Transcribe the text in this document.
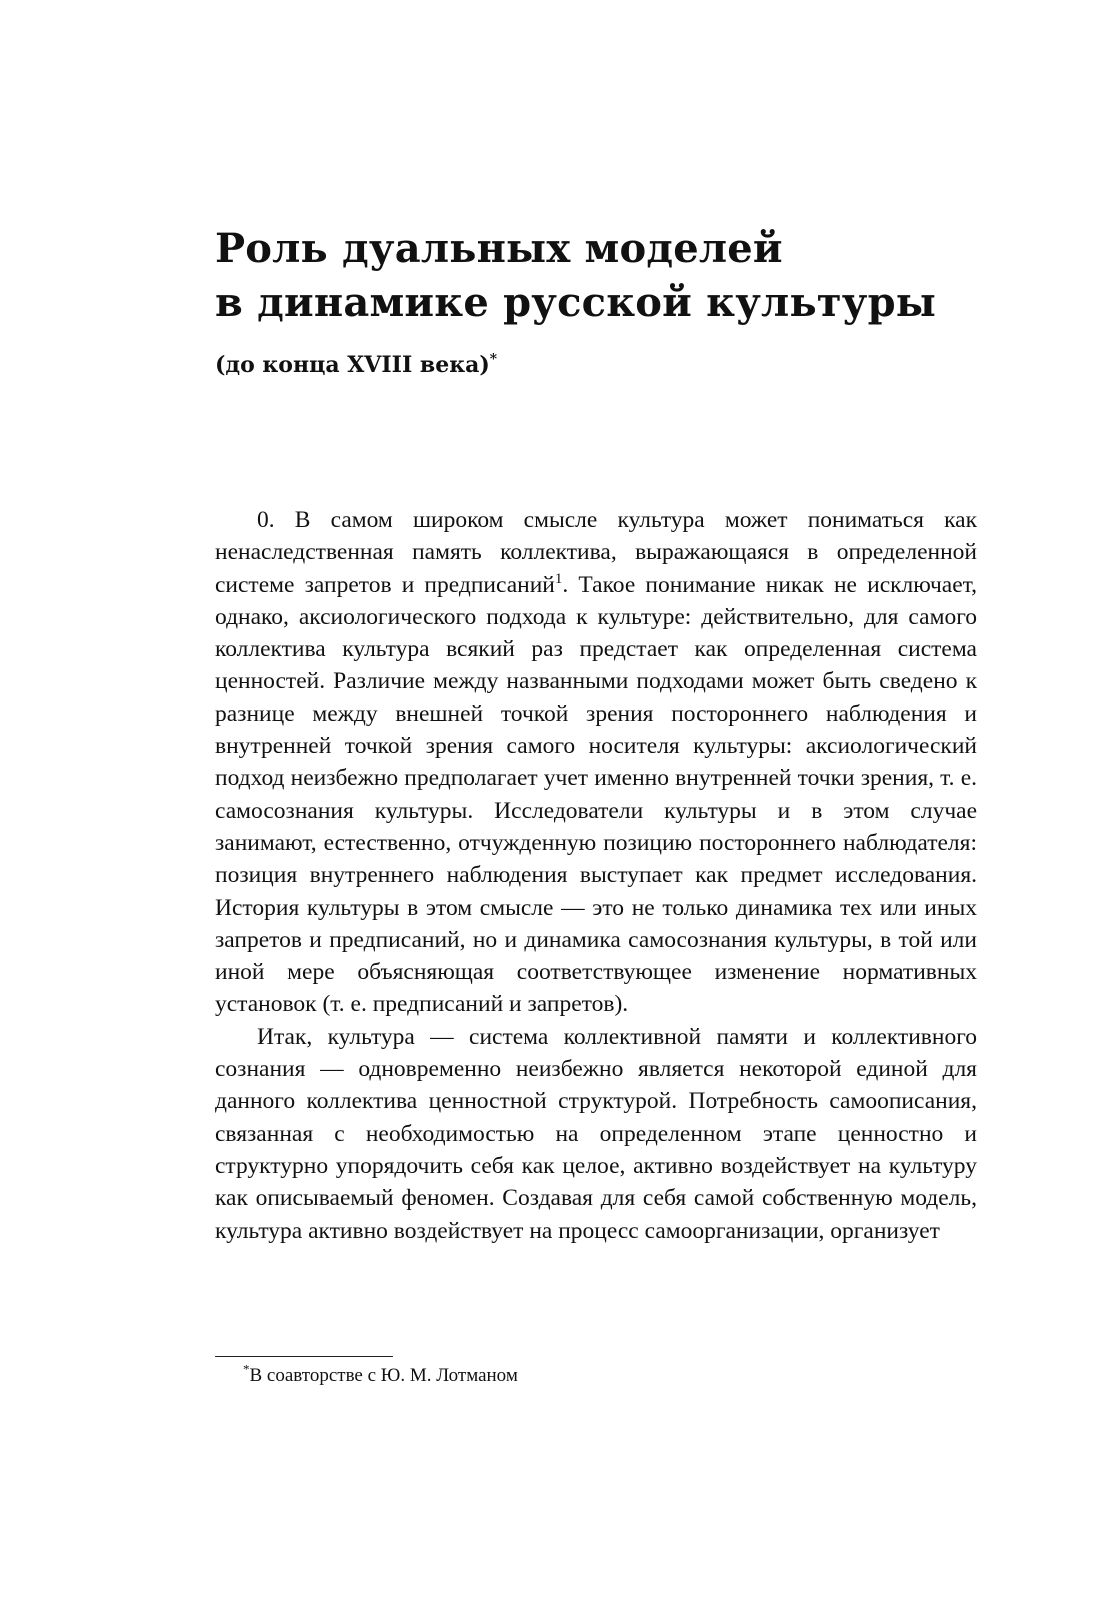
Роль дуальных моделей
в динамике русской культуры
(до конца XVIII века)*

0. В самом широком смысле культура может пониматься как ненаследственная память коллектива, выражающаяся в определенной системе запретов и предписаний$^1$. Такое понимание никак не исключает, однако, аксиологического подхода к культуре: действительно, для самого коллектива культура всякий раз предстает как определенная система ценностей. Различие между названными подходами может быть сведено к разнице между внешней точкой зрения постороннего наблюдения и внутренней точкой зрения самого носителя культуры: аксиологический подход неизбежно предполагает учет именно внутренней точки зрения, т. е. самосознания культуры. Исследователи культуры и в этом случае занимают, естественно, отчужденную позицию постороннего наблюдателя: позиция внутреннего наблюдения выступает как предмет исследования. История культуры в этом смысле — это не только динамика тех или иных запретов и предписаний, но и динамика самосознания культуры, в той или иной мере объясняющая соответствующее изменение нормативных установок (т. е. предписаний и запретов).

Итак, культура — система коллективной памяти и коллективного сознания — одновременно неизбежно является некоторой единой для данного коллектива ценностной структурой. Потребность самоописания, связанная с необходимостью на определенном этапе ценностно и структурно упорядочить себя как целое, активно воздействует на культуру как описываемый феномен. Создавая для себя самой собственную модель, культура активно воздействует на процесс самоорганизации, организует

*В соавторстве с Ю. М. Лотманом
